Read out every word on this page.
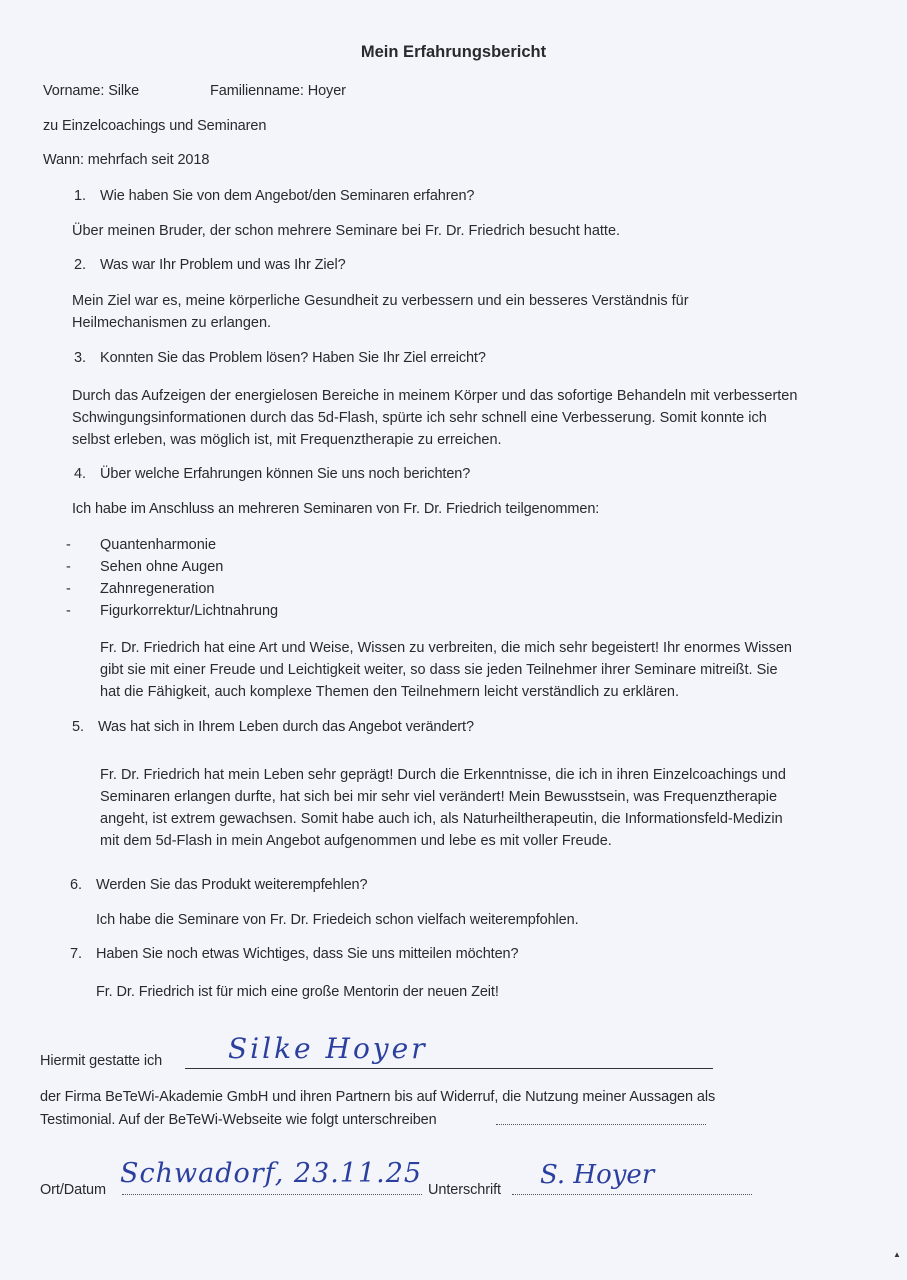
Mein Erfahrungsbericht
Vorname: Silke	Familienname: Hoyer
zu Einzelcoachings und Seminaren
Wann: mehrfach seit 2018
1. Wie haben Sie von dem Angebot/den Seminaren erfahren?
Über meinen Bruder, der schon mehrere Seminare bei Fr. Dr. Friedrich besucht hatte.
2. Was war Ihr Problem und was Ihr Ziel?
Mein Ziel war es, meine körperliche Gesundheit zu verbessern und ein besseres Verständnis für
Heilmechanismen zu erlangen.
3. Konnten Sie das Problem lösen? Haben Sie Ihr Ziel erreicht?
Durch das Aufzeigen der energielosen Bereiche in meinem Körper und das sofortige Behandeln mit verbesserten
Schwingungsinformationen durch das 5d-Flash, spürte ich sehr schnell eine Verbesserung. Somit konnte ich
selbst erleben, was möglich ist, mit Frequenztherapie zu erreichen.
4. Über welche Erfahrungen können Sie uns noch berichten?
Ich habe im Anschluss an mehreren Seminaren von Fr. Dr. Friedrich teilgenommen:
- Quantenharmonie
- Sehen ohne Augen
- Zahnregeneration
- Figurkorrektur/Lichtnahrung
Fr. Dr. Friedrich hat eine Art und Weise, Wissen zu verbreiten, die mich sehr begeistert! Ihr enormes Wissen
gibt sie mit einer Freude und Leichtigkeit weiter, so dass sie jeden Teilnehmer ihrer Seminare mitreißt. Sie
hat die Fähigkeit, auch komplexe Themen den Teilnehmern leicht verständlich zu erklären.
5. Was hat sich in Ihrem Leben durch das Angebot verändert?
Fr. Dr. Friedrich hat mein Leben sehr geprägt! Durch die Erkenntnisse, die ich in ihren Einzelcoachings und
Seminaren erlangen durfte, hat sich bei mir sehr viel verändert! Mein Bewusstsein, was Frequenztherapie
angeht, ist extrem gewachsen. Somit habe auch ich, als Naturheiltherapeutin, die Informationsfeld-Medizin
mit dem 5d-Flash in mein Angebot aufgenommen und lebe es mit voller Freude.
6. Werden Sie das Produkt weiterempfehlen?
Ich habe die Seminare von Fr. Dr. Friedeich schon vielfach weiterempfohlen.
7. Haben Sie noch etwas Wichtiges, dass Sie uns mitteilen möchten?
Fr. Dr. Friedrich ist für mich eine große Mentorin der neuen Zeit!
Hiermit gestatte ich Silke Hoyer
der Firma BeTeWi-Akademie GmbH und ihren Partnern bis auf Widerruf, die Nutzung meiner Aussagen als
Testimonial. Auf der BeTeWi-Webseite wie folgt unterschreiben
Ort/Datum
Schwadorf, 23.11.25
Unterschrift S. Hoyer
▲
